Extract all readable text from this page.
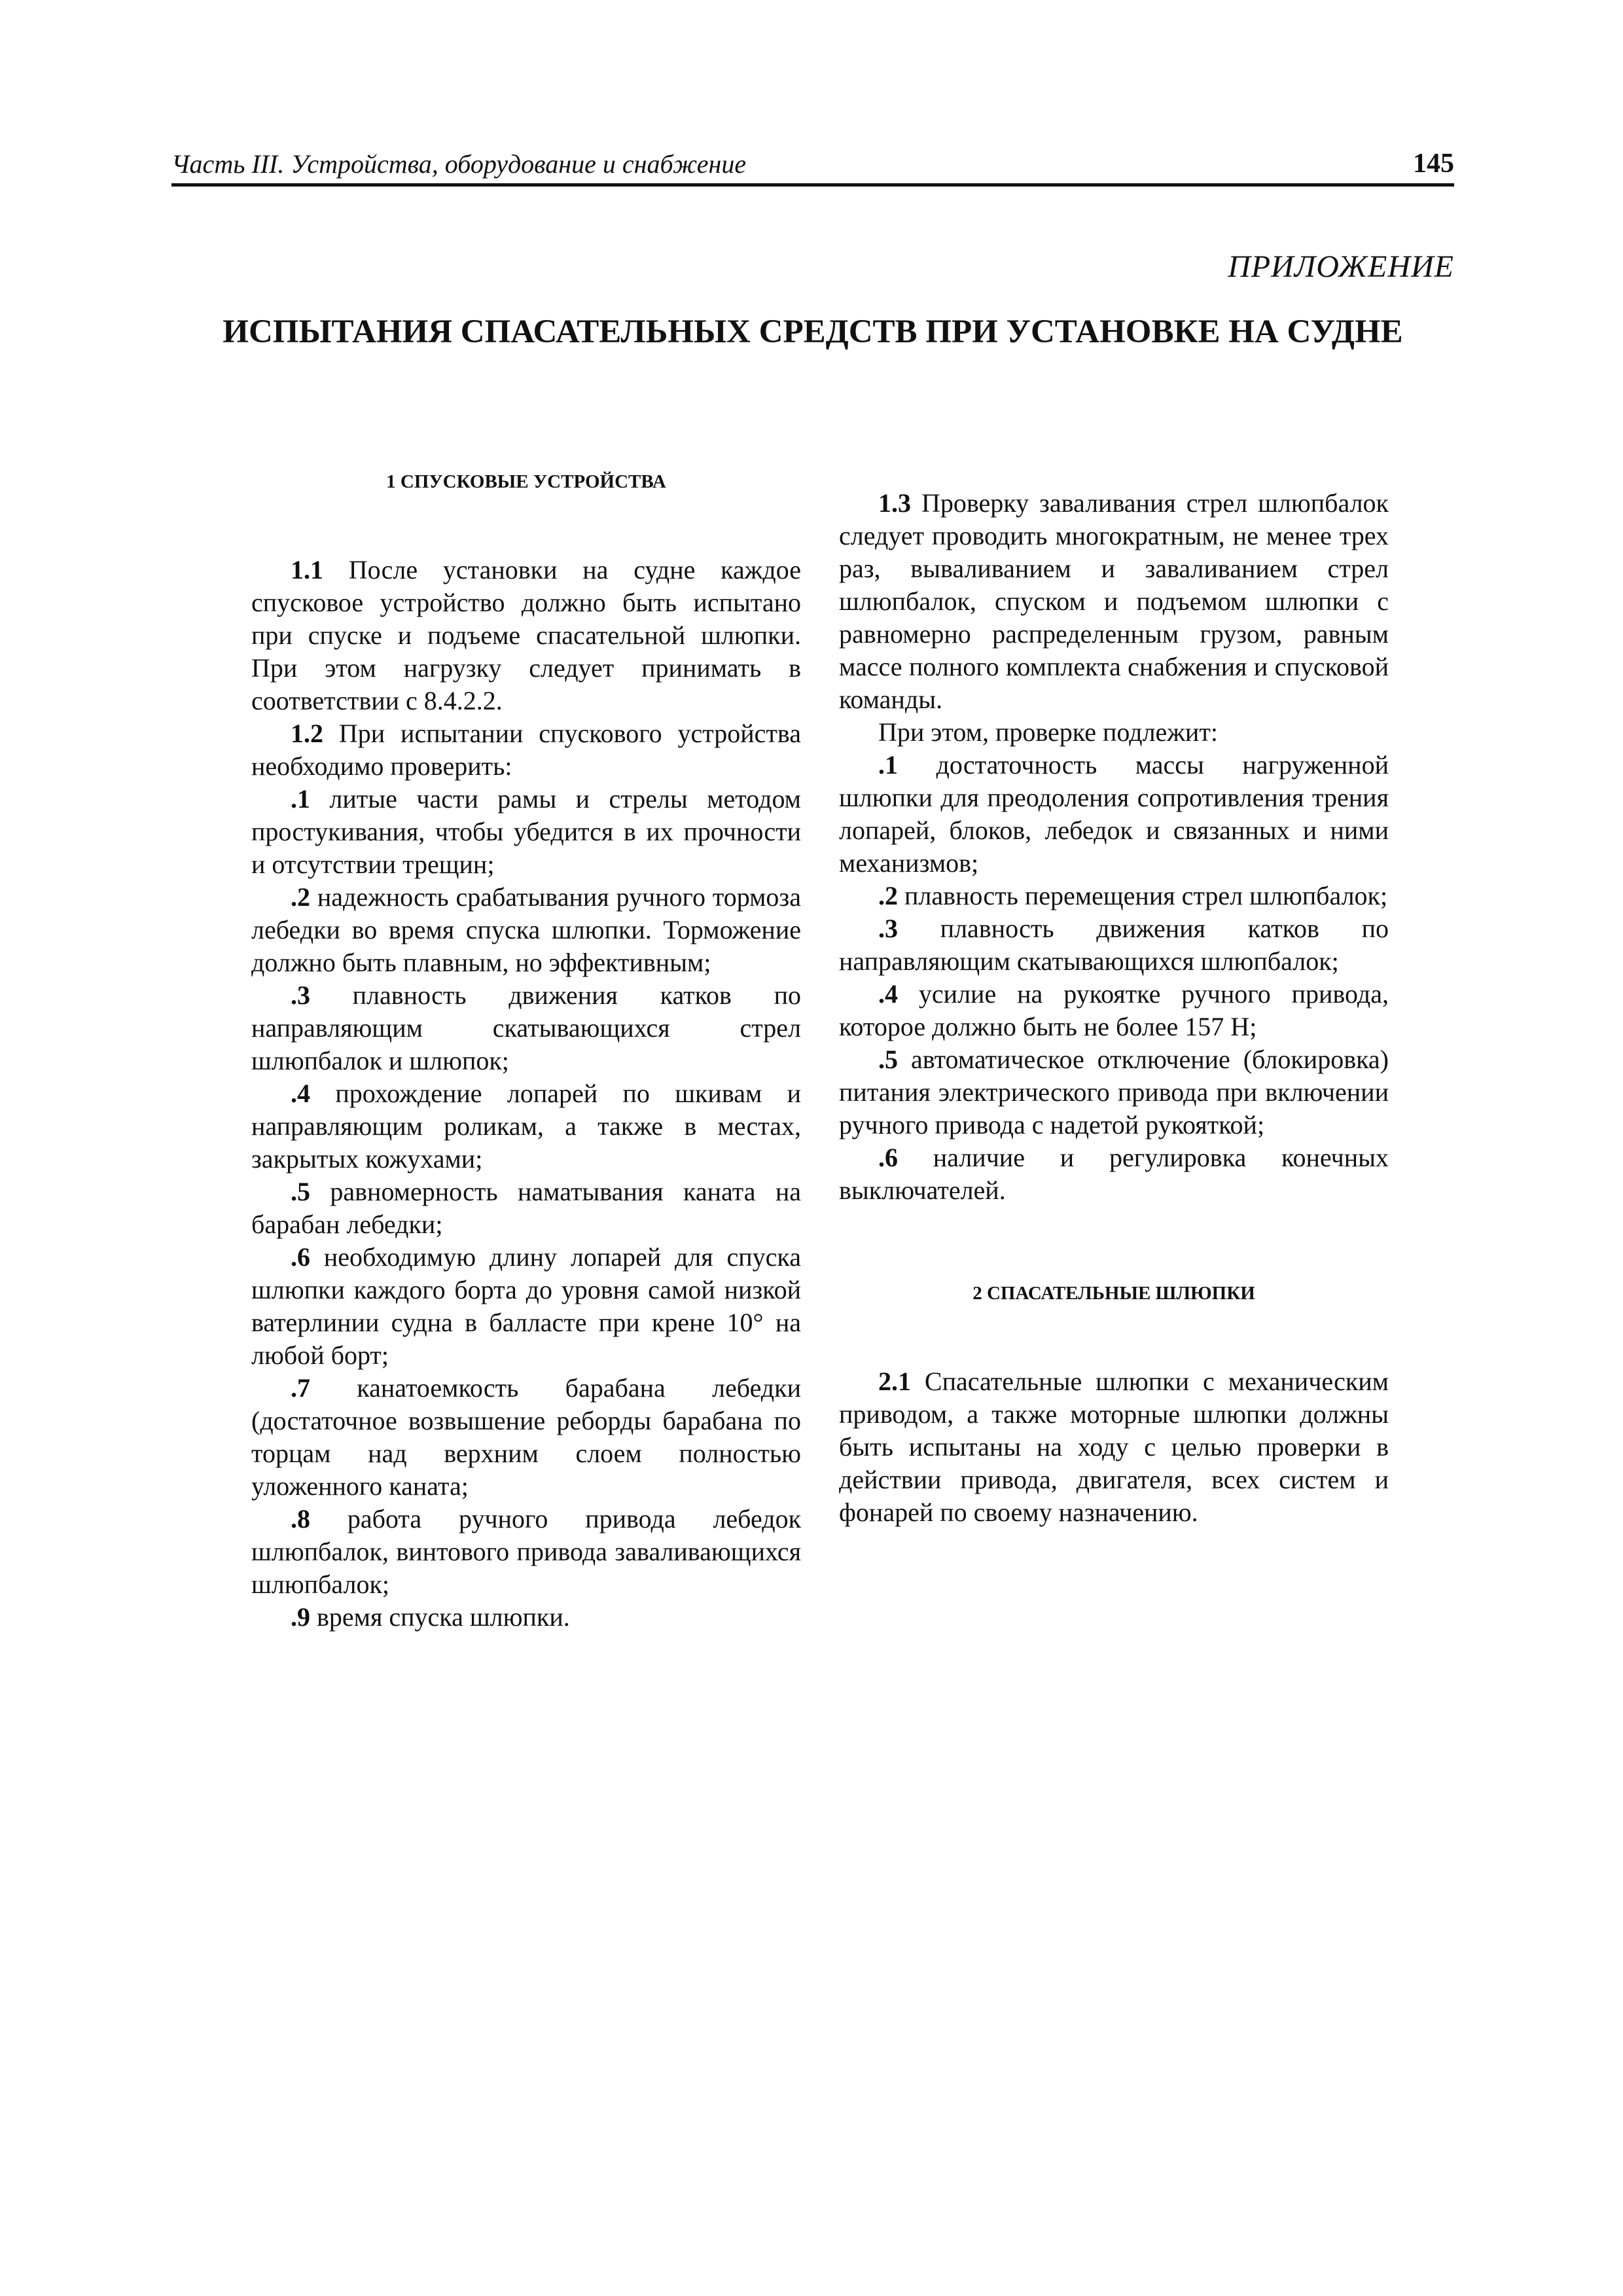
Часть III. Устройства, оборудование и снабжение	145
ПРИЛОЖЕНИЕ
ИСПЫТАНИЯ СПАСАТЕЛЬНЫХ СРЕДСТВ ПРИ УСТАНОВКЕ НА СУДНЕ
1 СПУСКОВЫЕ УСТРОЙСТВА

1.1 После установки на судне каждое спусковое устройство должно быть испытано при спуске и подъеме спасательной шлюпки. При этом нагрузку следует принимать в соответствии с 8.4.2.2.

1.2 При испытании спускового устройства необходимо проверить:

.1 литые части рамы и стрелы методом простукивания, чтобы убедится в их прочности и отсутствии трещин;

.2 надежность срабатывания ручного тормоза лебедки во время спуска шлюпки. Торможение должно быть плавным, но эффективным;

.3 плавность движения катков по направляющим скатывающихся стрел шлюпбалок и шлюпок;

.4 прохождение лопарей по шкивам и направляющим роликам, а также в местах, закрытых кожухами;

.5 равномерность наматывания каната на барабан лебедки;

.6 необходимую длину лопарей для спуска шлюпки каждого борта до уровня самой низкой ватерлинии судна в балласте при крене 10° на любой борт;

.7 канатоемкость барабана лебедки (достаточное возвышение реборды барабана по торцам над верхним слоем полностью уложенного каната;

.8 работа ручного привода лебедок шлюпбалок, винтового привода заваливающихся шлюпбалок;

.9 время спуска шлюпки.

1.3 Проверку заваливания стрел шлюпбалок следует проводить многократным, не менее трех раз, вываливанием и заваливанием стрел шлюпбалок, спуском и подъемом шлюпки с равномерно распределенным грузом, равным массе полного комплекта снабжения и спусковой команды.

При этом, проверке подлежит:

.1 достаточность массы нагруженной шлюпки для преодоления сопротивления трения лопарей, блоков, лебедок и связанных и ними механизмов;

.2 плавность перемещения стрел шлюпбалок;

.3 плавность движения катков по направляющим скатывающихся шлюпбалок;

.4 усилие на рукоятке ручного привода, которое должно быть не более 157 Н;

.5 автоматическое отключение (блокировка) питания электрического привода при включении ручного привода с надетой рукояткой;

.6 наличие и регулировка конечных выключателей.

2 СПАСАТЕЛЬНЫЕ ШЛЮПКИ

2.1 Спасательные шлюпки с механическим приводом, а также моторные шлюпки должны быть испытаны на ходу с целью проверки в действии привода, двигателя, всех систем и фонарей по своему назначению.
